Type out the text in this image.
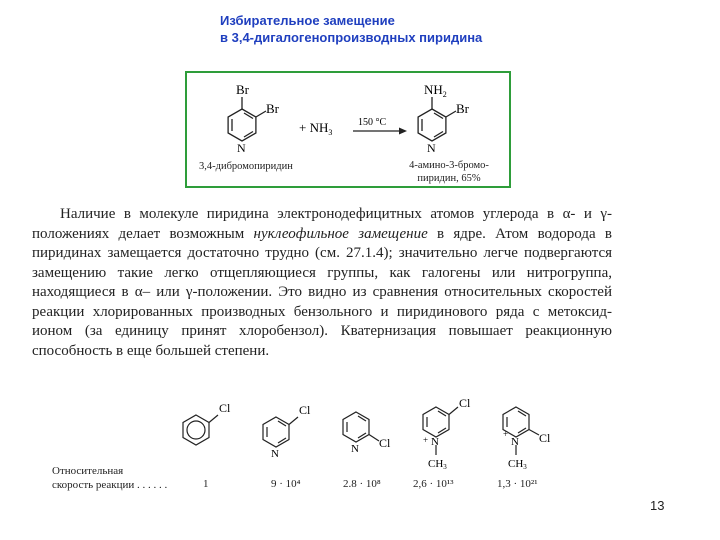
Избирательное замещение
в 3,4-дигалогенопроизводных пиридина
Br
Br
N
+ $NH_3$
150 °С
$NH_2$
Br
N
3,4-дибромопиридин	4-амино-3-бромо-
пиридин, 65%

Наличие в молекуле пиридина электронодефицитных атомов углерода в α- и γ-положениях делает возможным нуклеофильное замещение в ядре. Атом водорода в пиридинах замещается достаточно трудно (см. 27.1.4); значительно легче подвергаются замещению такие легко отщепляющиеся группы, как галогены или нитрогруппа, находящиеся в α– или γ-положении. Это видно из сравнения относительных скоростей реакции хлорированных производных бензольного и пиридинового ряда с метоксид-ионом (за единицу принят хлоробензол). Кватернизация повышает реакционную способность в еще большей степени.

Cl	Cl
N
Cl
N
Cl
N
+
CH3
Cl
N
+
CH3
Относительная
скорость реакции . . . . . .	1	9 · 10⁴	2.8 · 10⁸	2,6 · 10¹³	1,3 · 10²¹
13
